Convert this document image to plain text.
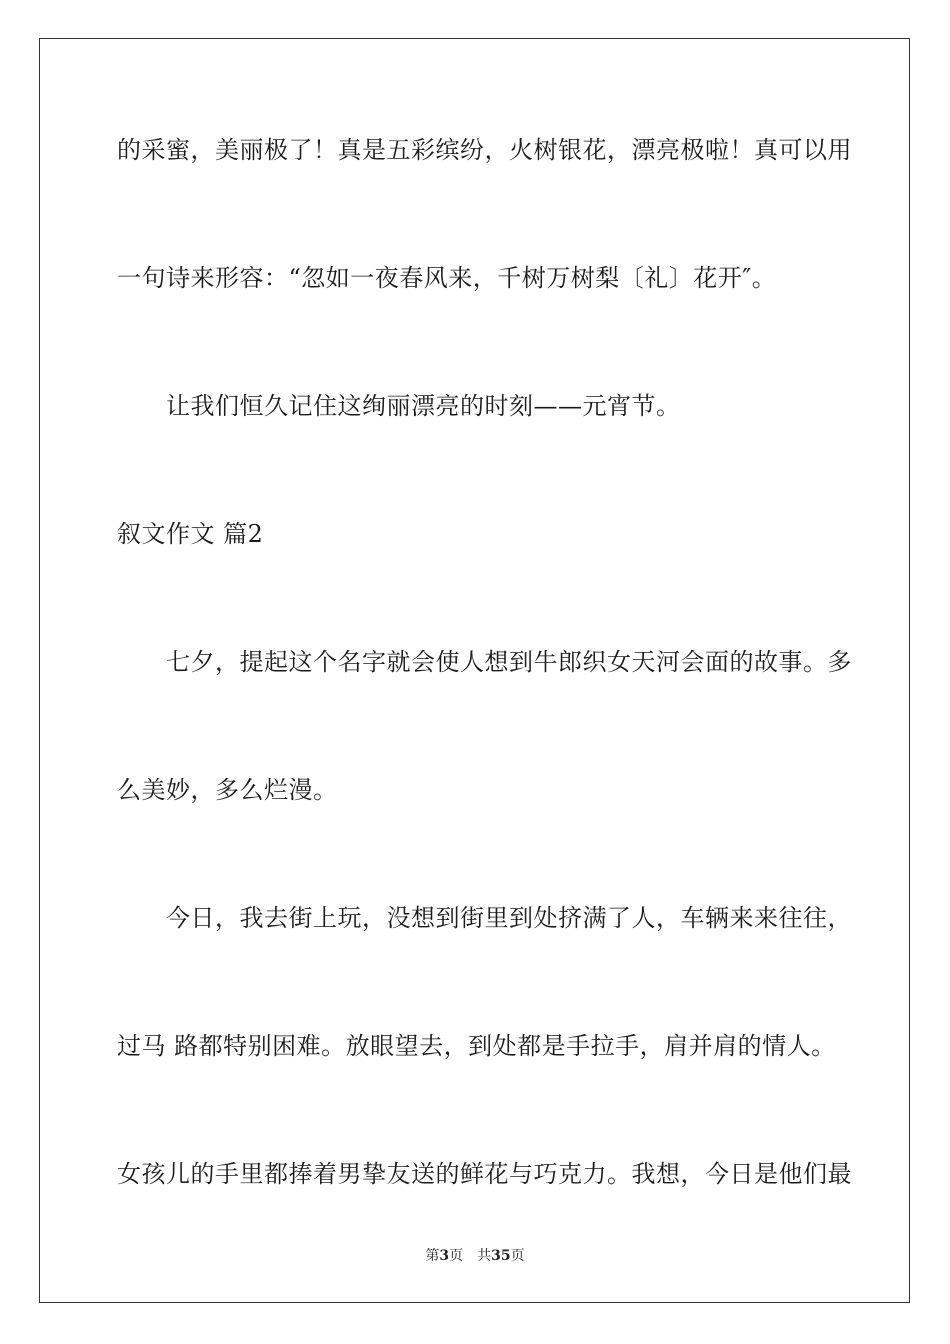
的采蜜，美丽极了！真是五彩缤纷，火树银花，漂亮极啦！真可以用
一句诗来形容：“忽如一夜春风来，千树万树梨〔礼〕花开″。
让我们恒久记住这绚丽漂亮的时刻——元宵节。
叙文作文 篇2
七夕，提起这个名字就会使人想到牛郎织女天河会面的故事。多
么美妙，多么烂漫。
今日，我去街上玩，没想到街里到处挤满了人，车辆来来往往，
过马 路都特别困难。放眼望去，到处都是手拉手，肩并肩的情人。
女孩儿的手里都捧着男挚友送的鲜花与巧克力。我想，今日是他们最
第3页 共35页
